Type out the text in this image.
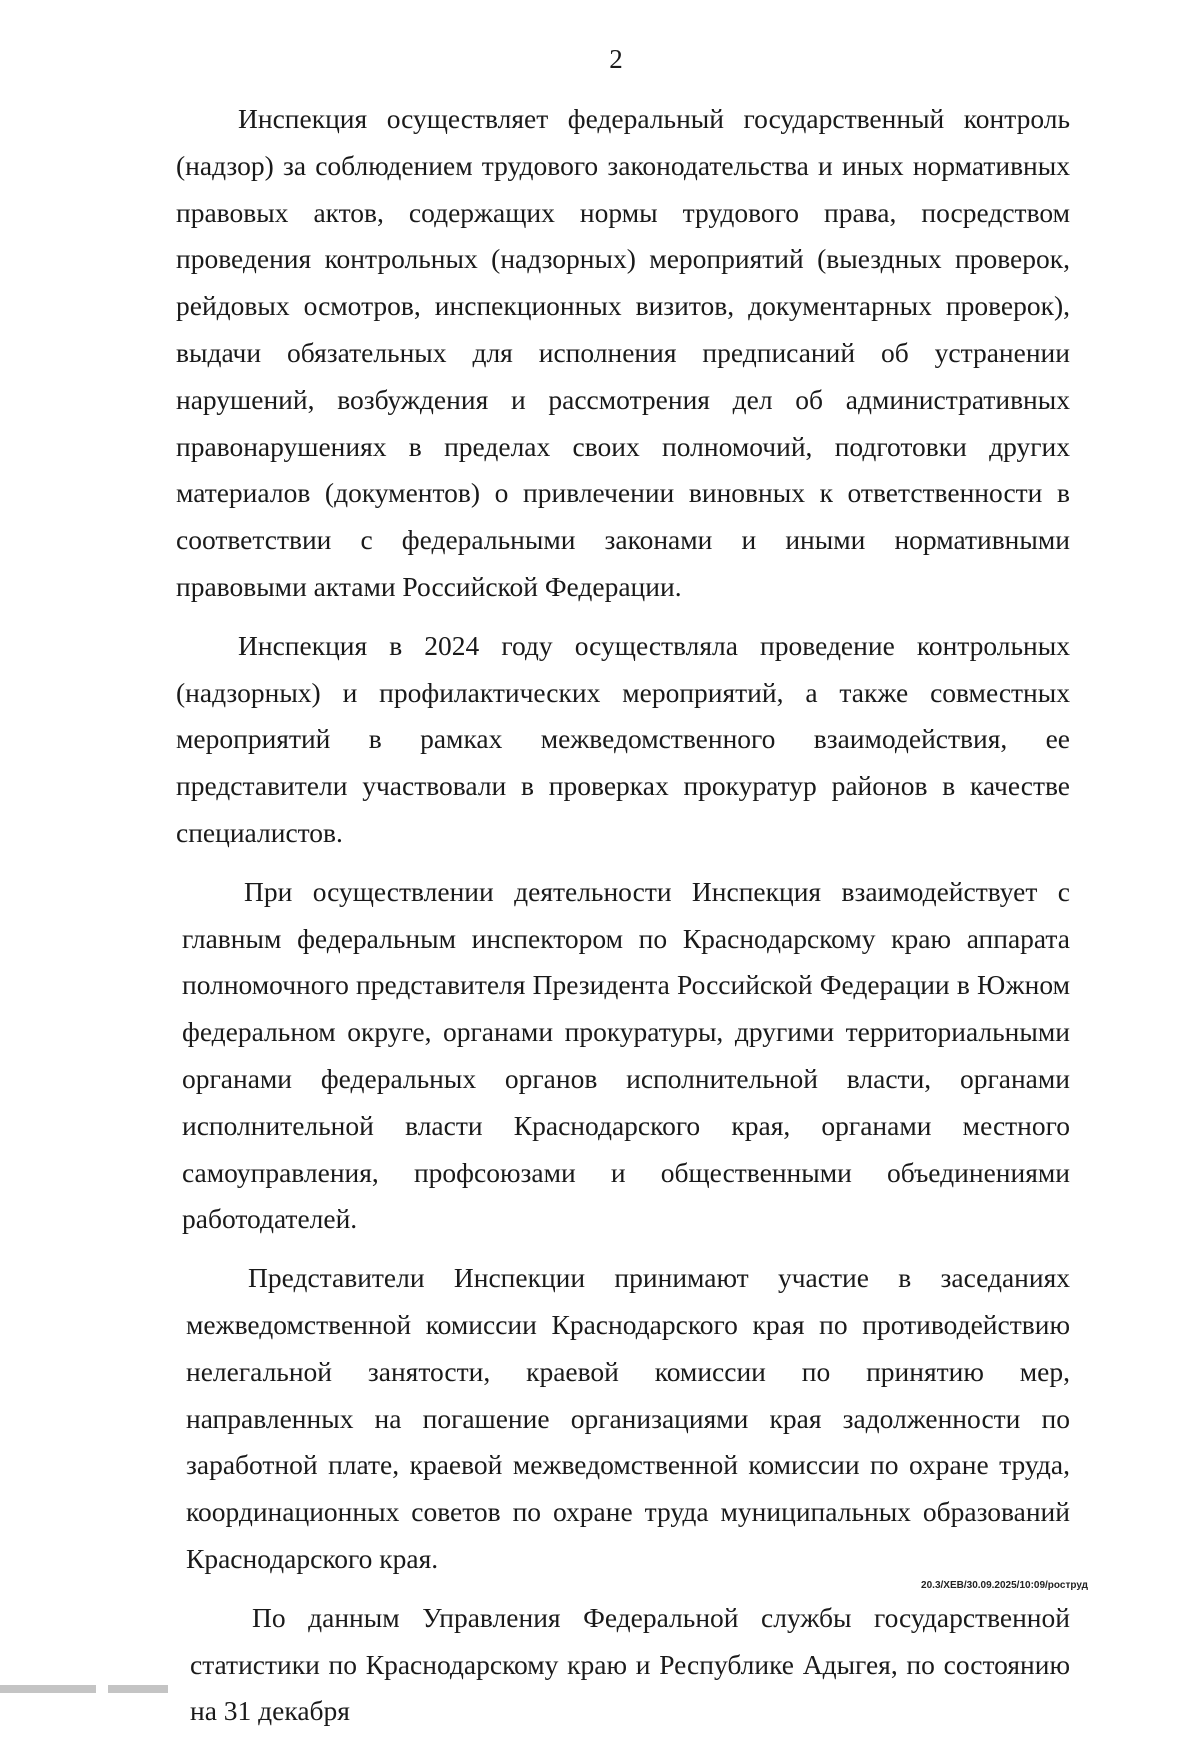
2

Инспекция осуществляет федеральный государственный контроль (надзор) за соблюдением трудового законодательства и иных нормативных правовых актов, содержащих нормы трудового права, посредством проведения контрольных (надзорных) мероприятий (выездных проверок, рейдовых осмотров, инспекционных визитов, документарных проверок), выдачи обязательных для исполнения предписаний об устранении нарушений, возбуждения и рассмотрения дел об административных правонарушениях в пределах своих полномочий, подготовки других материалов (документов) о привлечении виновных к ответственности в соответствии с федеральными законами и иными нормативными правовыми актами Российской Федерации.

Инспекция в 2024 году осуществляла проведение контрольных (надзорных) и профилактических мероприятий, а также совместных мероприятий в рамках межведомственного взаимодействия, ее представители участвовали в проверках прокуратур районов в качестве специалистов.

При осуществлении деятельности Инспекция взаимодействует с главным федеральным инспектором по Краснодарскому краю аппарата полномочного представителя Президента Российской Федерации в Южном федеральном округе, органами прокуратуры, другими территориальными органами федеральных органов исполнительной власти, органами исполнительной власти Краснодарского края, органами местного самоуправления, профсоюзами и общественными объединениями работодателей.

Представители Инспекции принимают участие в заседаниях межведомственной комиссии Краснодарского края по противодействию нелегальной занятости, краевой комиссии по принятию мер, направленных на погашение организациями края задолженности по заработной плате, краевой межведомственной комиссии по охране труда, координационных советов по охране труда муниципальных образований Краснодарского края.

По данным Управления Федеральной службы государственной статистики по Краснодарскому краю и Республике Адыгея, по состоянию на 31 декабря

20.3/ХЕВ/30.09.2025/10:09/роструд
